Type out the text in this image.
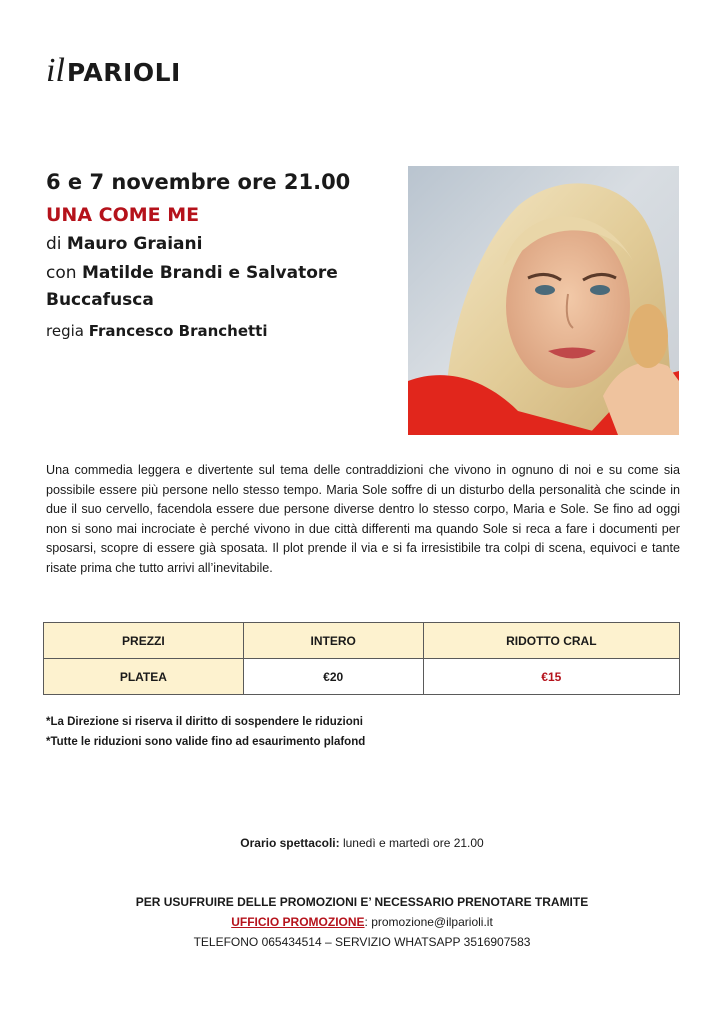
il PARIOLI
6 e 7 novembre ore 21.00
UNA COME ME
di Mauro Graiani
con Matilde Brandi e Salvatore Buccafusca
regia Francesco Branchetti
Una commedia leggera e divertente sul tema delle contraddizioni che vivono in ognuno di noi e su come sia possibile essere più persone nello stesso tempo. Maria Sole soffre di un disturbo della personalità che scinde in due il suo cervello, facendola essere due persone diverse dentro lo stesso corpo, Maria e Sole. Se fino ad oggi non si sono mai incrociate è perché vivono in due città differenti ma quando Sole si reca a fare i documenti per sposarsi, scopre di essere già sposata. Il plot prende il via e si fa irresistibile tra colpi di scena, equivoci e tante risate prima che tutto arrivi all’inevitabile.
PREZZI	INTERO	RIDOTTO CRAL
PLATEA	€20	€15
*La Direzione si riserva il diritto di sospendere le riduzioni
*Tutte le riduzioni sono valide fino ad esaurimento plafond
Orario spettacoli: lunedì e martedì ore 21.00
PER USUFRUIRE DELLE PROMOZIONI E’ NECESSARIO PRENOTARE TRAMITE
UFFICIO PROMOZIONE: promozione@ilparioli.it
TELEFONO 065434514 – SERVIZIO WHATSAPP 3516907583
